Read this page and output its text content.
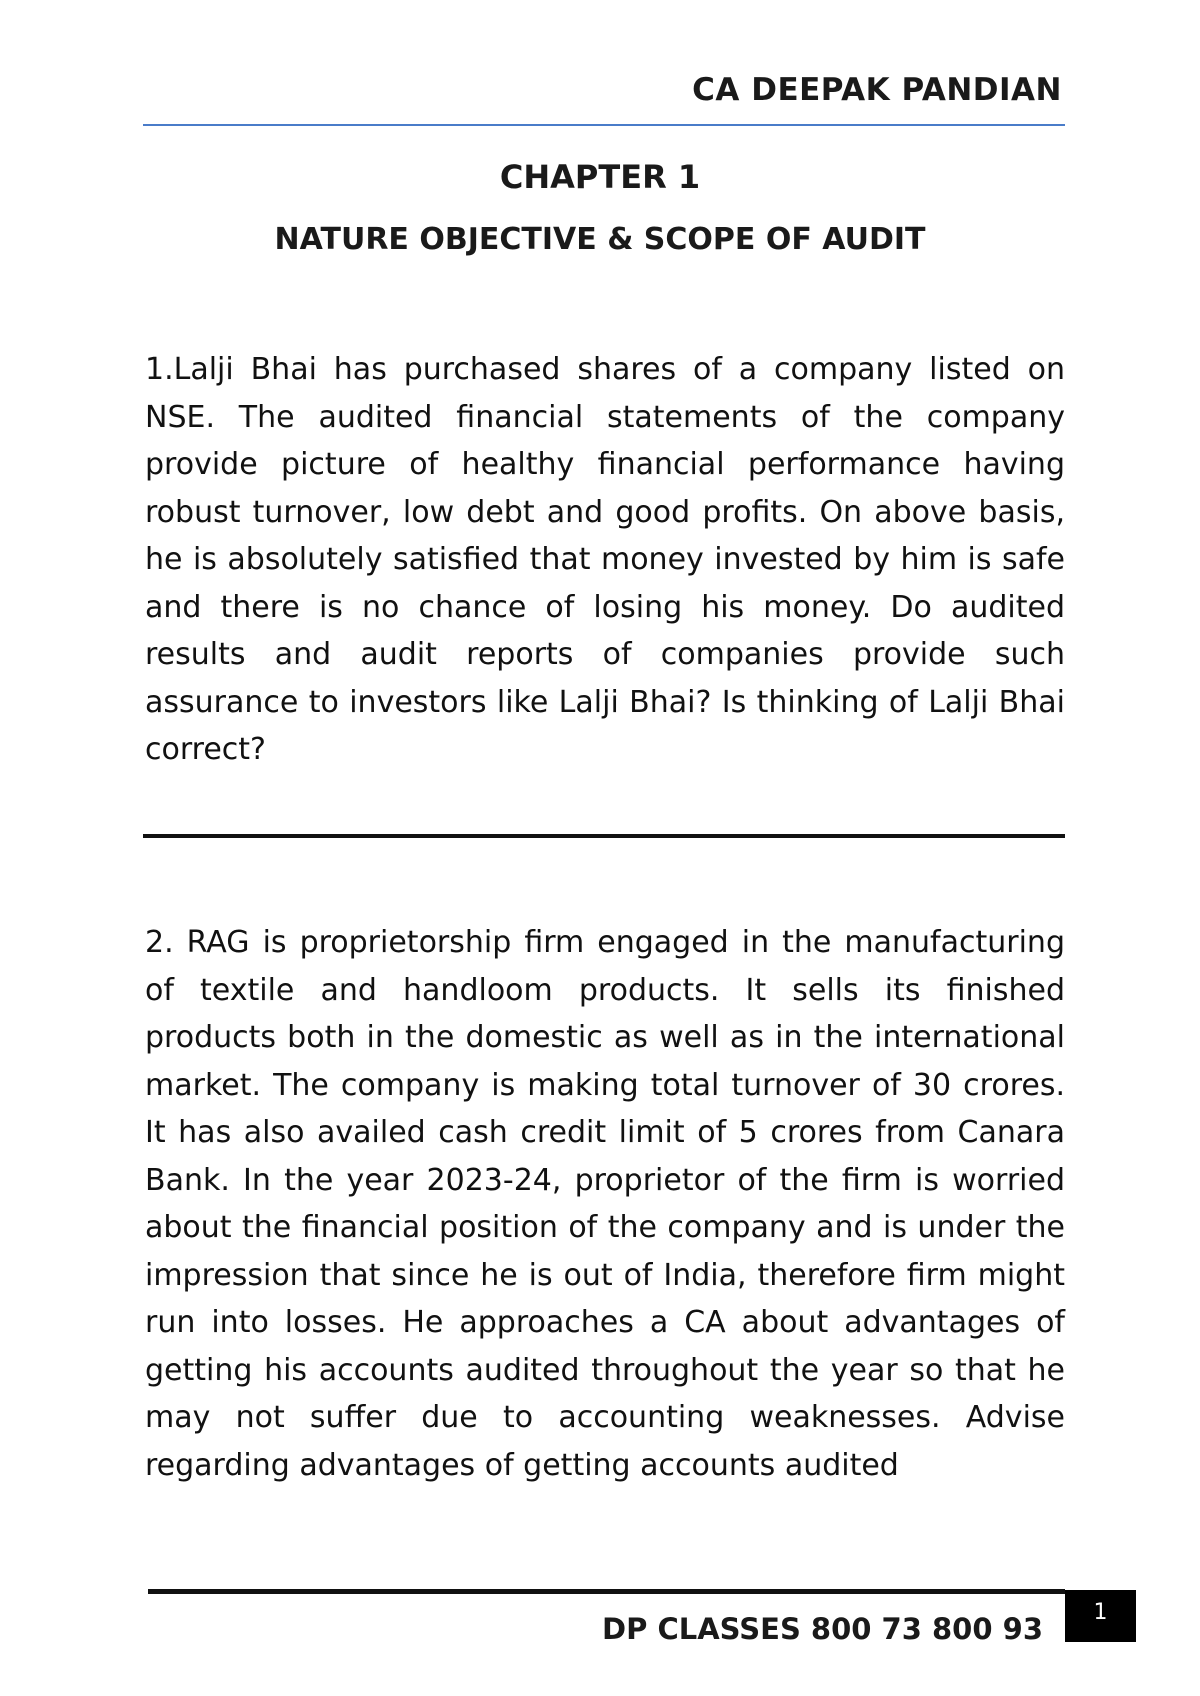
CA DEEPAK PANDIAN
CHAPTER 1
NATURE OBJECTIVE & SCOPE OF AUDIT

1.Lalji Bhai has purchased shares of a company listed on NSE. The audited financial statements of the company provide picture of healthy financial performance having robust turnover, low debt and good profits. On above basis, he is absolutely satisfied that money invested by him is safe and there is no chance of losing his money. Do audited results and audit reports of companies provide such assurance to investors like Lalji Bhai? Is thinking of Lalji Bhai correct?

2. RAG is proprietorship firm engaged in the manufacturing of textile and handloom products. It sells its finished products both in the domestic as well as in the international market. The company is making total turnover of 30 crores. It has also availed cash credit limit of 5 crores from Canara Bank. In the year 2023-24, proprietor of the firm is worried about the financial position of the company and is under the impression that since he is out of India, therefore firm might run into losses. He approaches a CA about advantages of getting his accounts audited throughout the year so that he may not suffer due to accounting weaknesses. Advise regarding advantages of getting accounts audited

DP CLASSES 800 73 800 93	1
